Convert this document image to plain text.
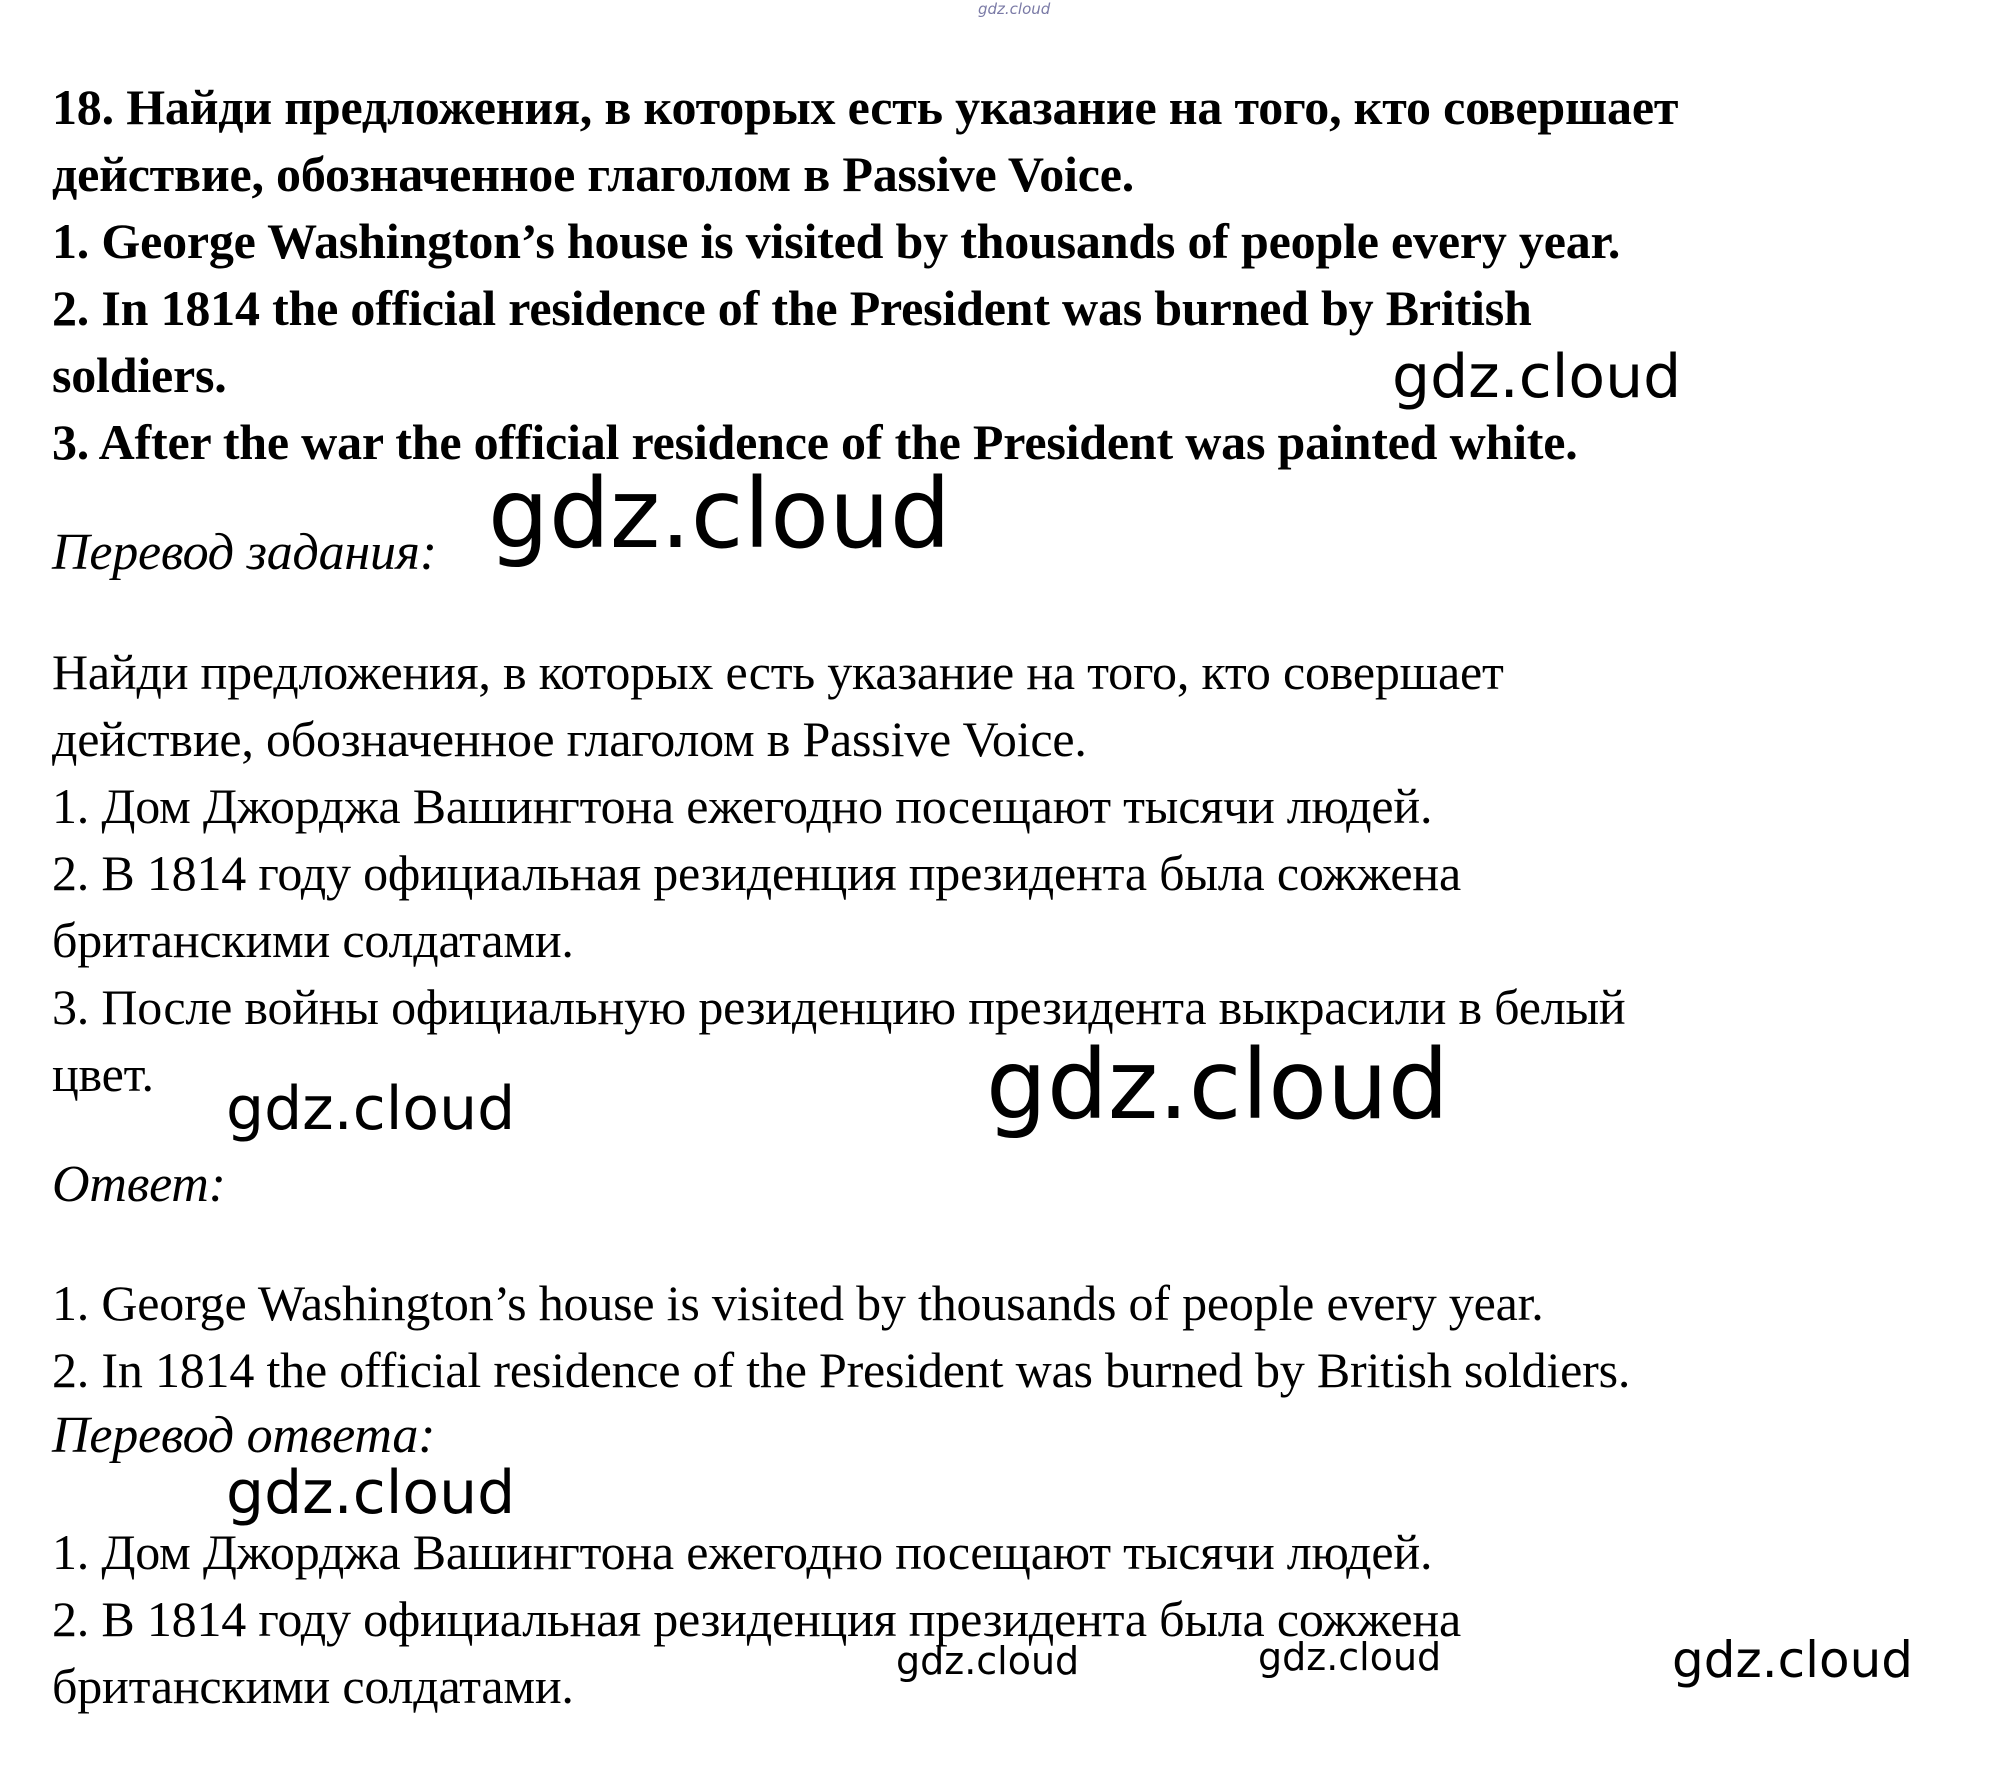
18. Найди предложения, в которых есть указание на того, кто совершает
действие, обозначенное глаголом в Passive Voice.
1. George Washington’s house is visited by thousands of people every year.
2. In 1814 the official residence of the President was burned by British
soldiers.
3. After the war the official residence of the President was painted white.
Перевод задания:
Найди предложения, в которых есть указание на того, кто совершает
действие, обозначенное глаголом в Passive Voice.
1. Дом Джорджа Вашингтона ежегодно посещают тысячи людей.
2. В 1814 году официальная резиденция президента была сожжена
британскими солдатами.
3. После войны официальную резиденцию президента выкрасили в белый
цвет.
Ответ:
1. George Washington’s house is visited by thousands of people every year.
2. In 1814 the official residence of the President was burned by British soldiers.
Перевод ответа:
1. Дом Джорджа Вашингтона ежегодно посещают тысячи людей.
2. В 1814 году официальная резиденция президента была сожжена
британскими солдатами.
gdz.cloud
gdz.cloud
gdz.cloud
gdz.cloud
gdz.cloud
gdz.cloud
gdz.cloud	gdz.cloud	gdz.cloud
